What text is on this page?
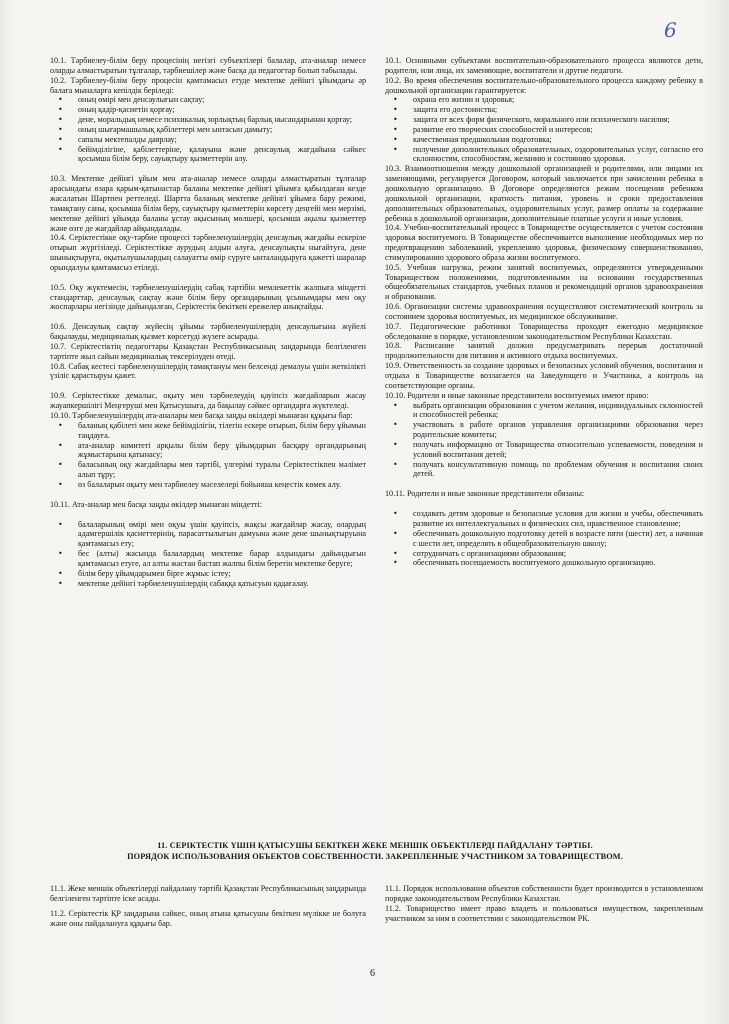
6

10.1. Тәрбиелеу-білім беру процесінің негізгі субъектілері балалар, ата-аналар немесе оларды алмастыратын тұлғалар, тәрбиешілер және басқа да педагогтар болып табылады.

10.2. Тәрбиелеу-білім беру процесін қамтамасыз етуде мектепке дейінгі ұйымдағы әр балаға мыналарға кепілдік беріледі:

• оның өмірі мен денсаулығын сақтау;
• оның қадір-қасиетін қорғау;
• дене, моральдық немесе психикалық зорлықтың барлық нысандарынан қорғау;
• оның шығармашылық қабілеттері мен ынтасын дамыту;
• сапалы мектепалды даярлау;
• бейімділігіне, қабілеттеріне, қалауына және денсаулық жағдайына сәйкес қосымша білім беру, сауықтыру қызметтерін алу.

10.3. Мектепке дейінгі ұйым мен ата-аналар немесе оларды алмастыратын тұлғалар арасындағы өзара қарым-қатынастар баланы мектепке дейінгі ұйымға қабылдаған кезде жасалатын Шартпен реттеледі. Шартта баланың мектепке дейінгі ұйымға бару режимі, тамақтану саны, қосымша білім беру, сауықтыру қызметтерін көрсету деңгейі мен мерзімі, мектепке дейінгі ұйымда баланы ұстау ақысының мөлшері, қосымша ақылы қызметтер және өзге де жағдайлар айқындалады.

10.4. Серіктестікке оқу-тәрбие процессі тәрбиеленушілердің денсаулық жағдайы ескеріле отырып жүргізіледі. Серіктестікке аурудың алдын алуға, денсаулықты нығайтуға, дене шынықтыруға, оқытылушылардың салауатты өмір сүруге ынталандыруға қажетті шаралар орындалуы қамтамасыз етіледі.

10.5. Оқу жүктемесін, тәрбиеленушілердің сабақ тәртібін мемлекеттік жалпыға міндетті стандарттар, денсаулық сақтау және білім беру органдарының ұсынымдары мен оқу жоспарлары негізінде дайындалған, Серіктестік бекіткен ережелер анықтайды.

10.6. Денсаулық сақтау жүйесің ұйымы тәрбиеленушілердің денсаулығына жүйелі бақылауды, медициналық қызмет көрсетуді жүзеге асырады.

10.7. Серіктестіктің педагогтары Қазақстан Республикасының заңдарында белгіленген тәртіпте жыл сайын медициналық тексерілуден өтеді.

10.8. Сабақ кестесі тәрбиеленушілердің тамақтануы мен белсенді демалуы үшін жеткілікті үзіліс қарастыруы қажет.

10.9. Серіктестікке демалыс, оқыту мен тәрбиелеудің қауіпсіз жағдайларын жасау жауапкершілігі Меңгеруші мен Қатысушыға, да бақылау сәйкес органдарға жүктеледі.

10.10. Тәрбиеленушілердің ата-аналары мен басқа заңды өкілдері мынаған құқығы бар:

• баланың қабілеті мен жеке бейімділігін, тілегін ескере отырып, білім беру ұйымын таңдауға.
• ата-аналар комитеті арқылы білім беру ұйымдарын басқару органдарының жұмыстарына қатынасу;
• баласының оқу жағдайлары мен тәртібі, үлгерімі туралы Серіктестікпен мәлімет алып тұру;
• өз балаларын оқыту мен тәрбиелеу мәселелері бойынша кеңестік көмек алу.

10.11. Ата-аналар мен басқа заңды өкілдер мынаған міндетті:

• балаларының өмірі мен оқуы үшін қауіпсіз, жақсы жағдайлар жасау, олардың адамгершілік қасиеттерінің, парасаттылығын дамуына және дене шынықтыруына қамтамасыз ету;
• бес (алты) жасында балалардың мектепке барар алдындағы дайындығын қамтамасыз етуге, ал алты жастан бастап жалпы білім беретін мектепке беруге;
• білім беру ұйымдарымен бірге жұмыс істеу;
• мектепке дейінгі тәрбиеленушілердің сабаққа қатысуын қадағалау.

10.1. Основными субъектами воспитательно-образовательного процесса являются дети, родители, или лица, их заменяющие, воспитатели и другие педагоги.

10.2. Во время обеспечения воспитательно-образовательного процесса каждому ребенку в дошкольной организации гарантируется:

• охрана его жизни и здоровья;
• защита его достоинства;
• защита от всех форм физического, морального или психического насилия;
• развитие его творческих способностей и интересов;
• качественная предшкольная подготовка;
• получение дополнительных образовательных, оздоровительных услуг, согласно его склонностям, способностям, желанию и состоянию здоровья.

10.3. Взаимоотношения между дошкольной организацией и родителями, или лицами их заменяющими, регулируется Договором, который заключается при зачислении ребенка в дошкольную организацию. В Договоре определяются режим посещения ребенком дошкольной организации, кратность питания, уровень и сроки предоставления дополнительных образовательных, оздоровительных услуг, размер оплаты за содержание ребенка в дошкольной организации, дополнительные платные услуги и иные условия.

10.4. Учебно-воспитательный процесс в Товариществе осуществляется с учетом состояния здоровья воспитуемого. В Товариществе обеспечивается выполнение необходимых мер по предотвращению заболеваний, укреплению здоровья, физическому совершенствованию, стимулированию здорового образа жизни воспитуемого.

10.5. Учебная нагрузка, режим занятий воспитуемых, определяются утвержденными Товариществом положениями, подготовленными на основании государственных общеобязательных стандартов, учебных планов и рекомендаций органов здравоохранения и образования.

10.6. Организации системы здравоохранения осуществляют систематический контроль за состоянием здоровья воспитуемых, их медицинское обслуживание.

10.7. Педагогические работники Товарищества проходят ежегодно медицинское обследование в порядке, установленном законодательством Республики Казахстан.

10.8. Расписание занятий должно предусматривать перерыв достаточной продолжительности для питания и активного отдыха воспитуемых.

10.9. Ответственность за создание здоровых и безопасных условий обучения, воспитания и отдыха в Товариществе возлагается на Заведующего и Участника, а контроль на соответствующие органы.

10.10. Родители и иные законные представители воспитуемых имеют право:

• выбрать организации образования с учетом желания, индивидуальных склонностей и способностей ребенка;
• участвовать в работе органов управления организациями образования через родительские комитеты;
• получать информацию от Товарищества относительно успеваемости, поведения и условий воспитания детей;
• получать консультативную помощь по проблемам обучения и воспитания своих детей.

10.11. Родители и иные законные представители обязаны:

• создавать детям здоровые и безопасные условия для жизни и учебы, обеспечивать развитие их интеллектуальных и физических сил, нравственное становление;
• обеспечивать дошкольную подготовку детей в возрасте пяти (шести) лет, а начиная с шести лет, определять в общеобразовательную школу;
• сотрудничать с организациями образования;
• обеспечивать посещаемость воспитуемого дошкольную организацию.
11. СЕРІКТЕСТІК ҮШІН ҚАТЫСУШЫ БЕКІТКЕН ЖЕКЕ МЕНШІК ОБЪЕКТІЛЕРДІ ПАЙДАЛАНУ ТӘРТІБІ.
ПОРЯДОК ИСПОЛЬЗОВАНИЯ ОБЪЕКТОВ СОБСТВЕННОСТИ. ЗАКРЕПЛЕННЫЕ УЧАСТНИКОМ ЗА ТОВАРИЩЕСТВОМ.

11.1. Жеке меншік объектілерді пайдалану тәртібі Қазақстан Республикасының заңдарында белгіленген тәртіпте іске асады.

11.2. Серіктестік ҚР заңдарына сәйкес, оның атына қатысушы бекіткен мүлікке не болуға және оны пайдалануға құқығы бар.

11.1. Порядок использования объектов собственности будет производится в установленном порядке законодательством Республики Казахстан.

11.2. Товарищество имеет право владеть и пользоваться имуществом, закрепленным участником за ним в соответствии с законодательством РК.

6
